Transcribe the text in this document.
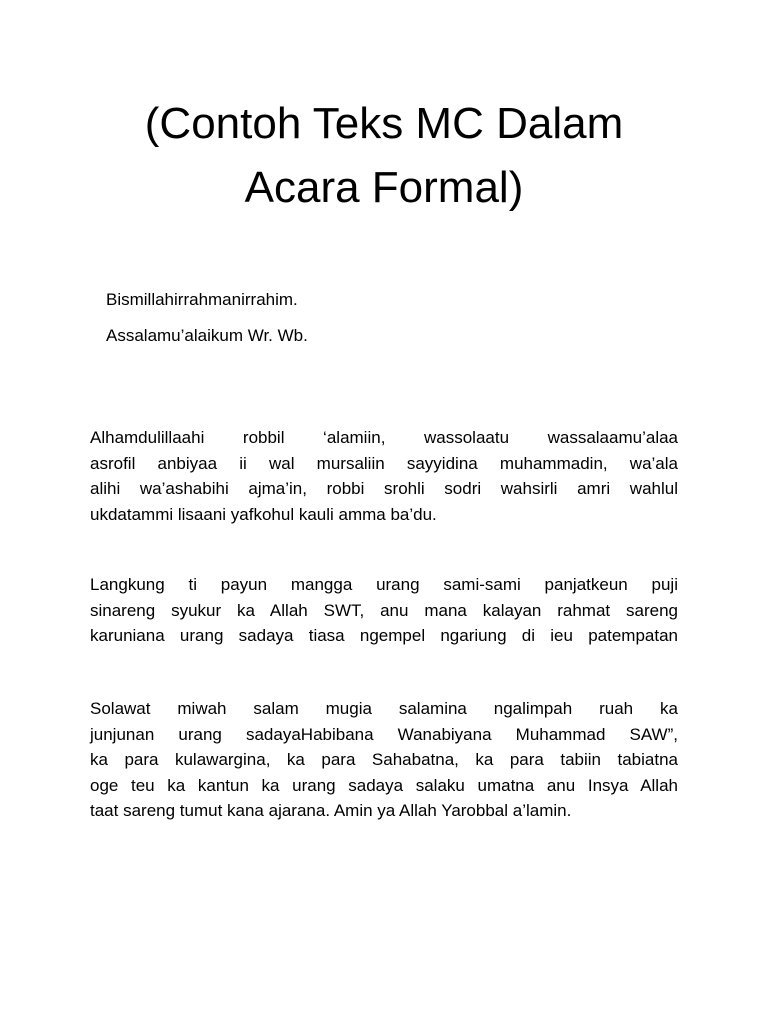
(Contoh Teks MC Dalam
Acara Formal)

Bismillahirrahmanirrahim.

Assalamu’alaikum Wr. Wb.

Alhamdulillaahi robbil ‘alamiin, wassolaatu wassalaamu’alaa
asrofil anbiyaa ii wal mursaliin sayyidina muhammadin, wa’ala
alihi wa’ashabihi ajma’in, robbi srohli sodri wahsirli amri wahlul
ukdatammi lisaani yafkohul kauli amma ba’du.

Langkung ti payun mangga urang sami-sami panjatkeun puji
sinareng syukur ka Allah SWT, anu mana kalayan rahmat sareng
karuniana urang sadaya tiasa ngempel ngariung di ieu patempatan

Solawat miwah salam mugia salamina ngalimpah ruah ka
junjunan urang sadayaHabibana Wanabiyana Muhammad SAW”,
ka para kulawargina, ka para Sahabatna, ka para tabiin tabiatna
oge teu ka kantun ka urang sadaya salaku umatna anu Insya Allah
taat sareng tumut kana ajarana. Amin ya Allah Yarobbal a’lamin.
